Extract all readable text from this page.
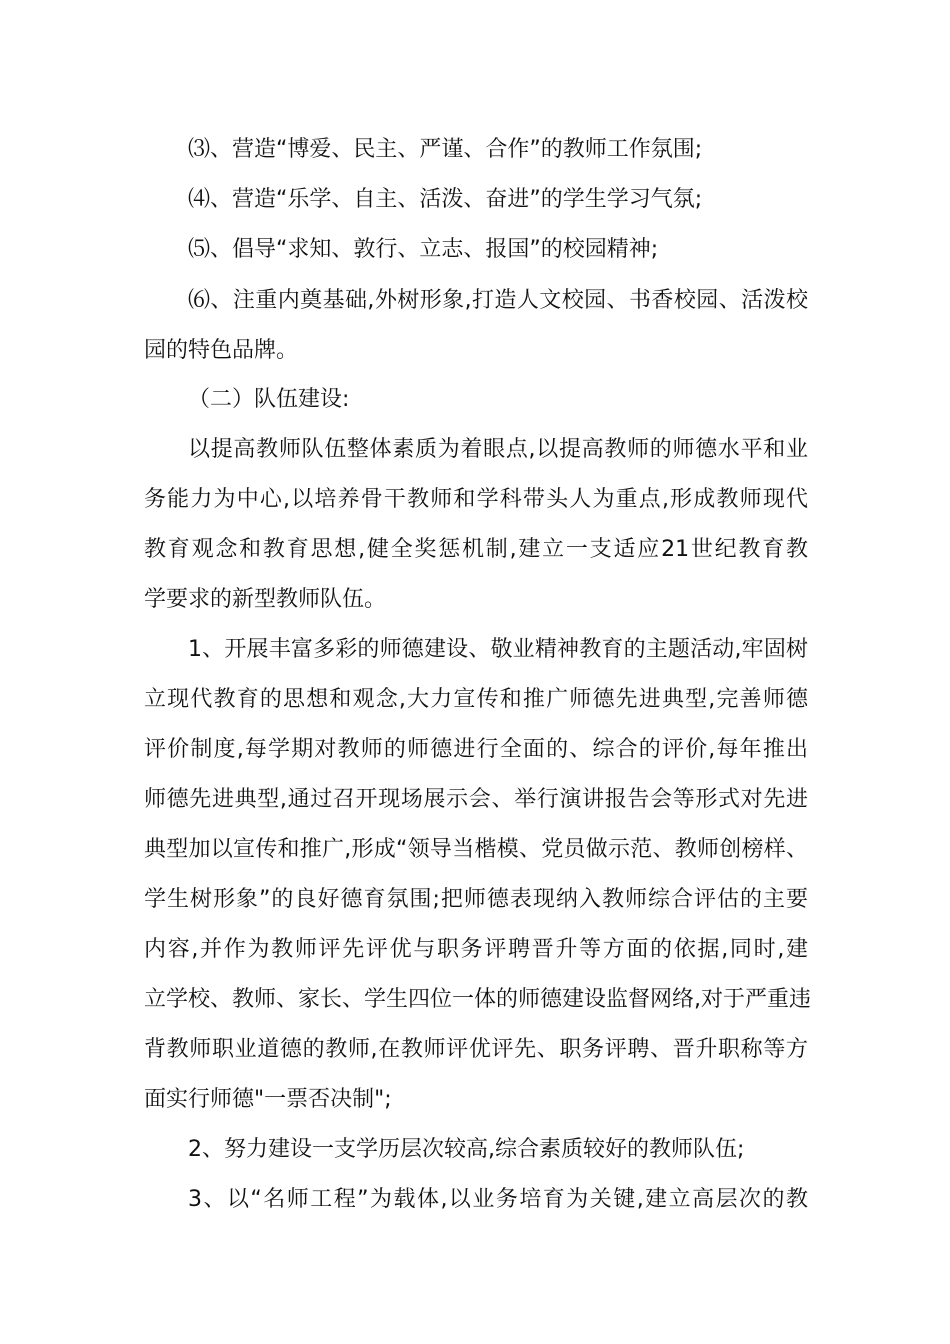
⑶、营造“博爱、民主、严谨、合作”的教师工作氛围;
⑷、营造“乐学、自主、活泼、奋进”的学生学习气氛;
⑸、倡导“求知、敦行、立志、报国”的校园精神;
⑹、注重内奠基础,外树形象,打造人文校园、书香校园、活泼校
园的特色品牌。
（二）队伍建设:
以提高教师队伍整体素质为着眼点,以提高教师的师德水平和业
务能力为中心,以培养骨干教师和学科带头人为重点,形成教师现代
教育观念和教育思想,健全奖惩机制,建立一支适应21世纪教育教
学要求的新型教师队伍。
1、开展丰富多彩的师德建设、敬业精神教育的主题活动,牢固树
立现代教育的思想和观念,大力宣传和推广师德先进典型,完善师德
评价制度,每学期对教师的师德进行全面的、综合的评价,每年推出
师德先进典型,通过召开现场展示会、举行演讲报告会等形式对先进
典型加以宣传和推广,形成“领导当楷模、党员做示范、教师创榜样、
学生树形象”的良好德育氛围;把师德表现纳入教师综合评估的主要
内容,并作为教师评先评优与职务评聘晋升等方面的依据,同时,建
立学校、教师、家长、学生四位一体的师德建设监督网络,对于严重违
背教师职业道德的教师,在教师评优评先、职务评聘、晋升职称等方
面实行师德"一票否决制";
2、努力建设一支学历层次较高,综合素质较好的教师队伍;
3、以“名师工程”为载体,以业务培育为关键,建立高层次的教
